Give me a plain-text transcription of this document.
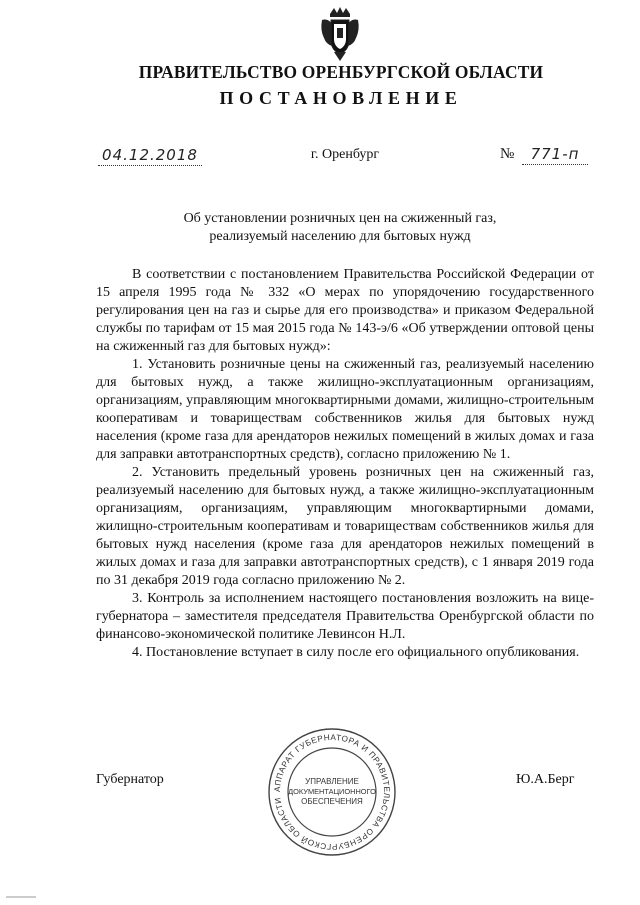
ПРАВИТЕЛЬСТВО ОРЕНБУРГСКОЙ ОБЛАСТИ
ПОСТАНОВЛЕНИЕ
04.12.2018	г. Оренбург	№	771-п
Об установлении розничных цен на сжиженный газ,
реализуемый населению для бытовых нужд

В соответствии с постановлением Правительства Российской Федерации от 15 апреля 1995 года № 332 «О мерах по упорядочению государственного регулирования цен на газ и сырье для его производства» и приказом Федеральной службы по тарифам от 15 мая 2015 года № 143-э/6 «Об утверждении оптовой цены на сжиженный газ для бытовых нужд»:

1. Установить розничные цены на сжиженный газ, реализуемый населению для бытовых нужд, а также жилищно-эксплуатационным организациям, организациям, управляющим многоквартирными домами, жилищно-строительным кооперативам и товариществам собственников жилья для бытовых нужд населения (кроме газа для арендаторов нежилых помещений в жилых домах и газа для заправки автотранспортных средств), согласно приложению № 1.

2. Установить предельный уровень розничных цен на сжиженный газ, реализуемый населению для бытовых нужд, а также жилищно-эксплуатационным организациям, организациям, управляющим многоквартирными домами, жилищно-строительным кооперативам и товариществам собственников жилья для бытовых нужд населения (кроме газа для арендаторов нежилых помещений в жилых домах и газа для заправки автотранспортных средств), с 1 января 2019 года по 31 декабря 2019 года согласно приложению № 2.

3. Контроль за исполнением настоящего постановления возложить на вице-губернатора – заместителя председателя Правительства Оренбургской области по финансово-экономической политике Левинсон Н.Л.

4. Постановление вступает в силу после его официального опубликования.

Губернатор	Ю.А.Берг
АППАРАТ ГУБЕРНАТОРА И ПРАВИТЕЛЬСТВА ОРЕНБУРГСКОЙ ОБЛАСТИ
УПРАВЛЕНИЕ
ДОКУМЕНТАЦИОННОГО
ОБЕСПЕЧЕНИЯ
